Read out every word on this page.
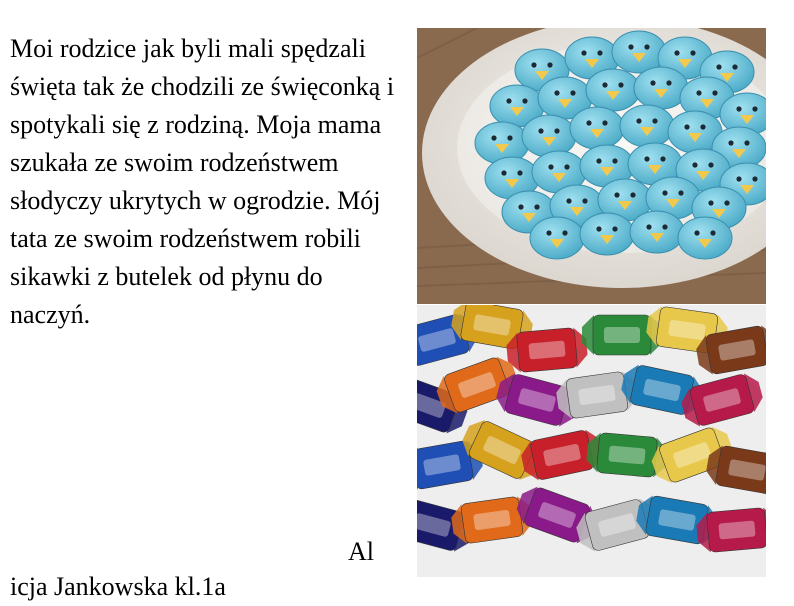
Moi rodzice jak byli mali spędzali święta tak że chodzili ze święconką i spotykali się z rodziną. Moja mama szukała ze swoim rodzeństwem słodyczy ukrytych w ogrodzie. Mój tata ze swoim rodzeństwem robili sikawki z butelek od płynu do naczyń.

Al
icja Jankowska kl.1a
